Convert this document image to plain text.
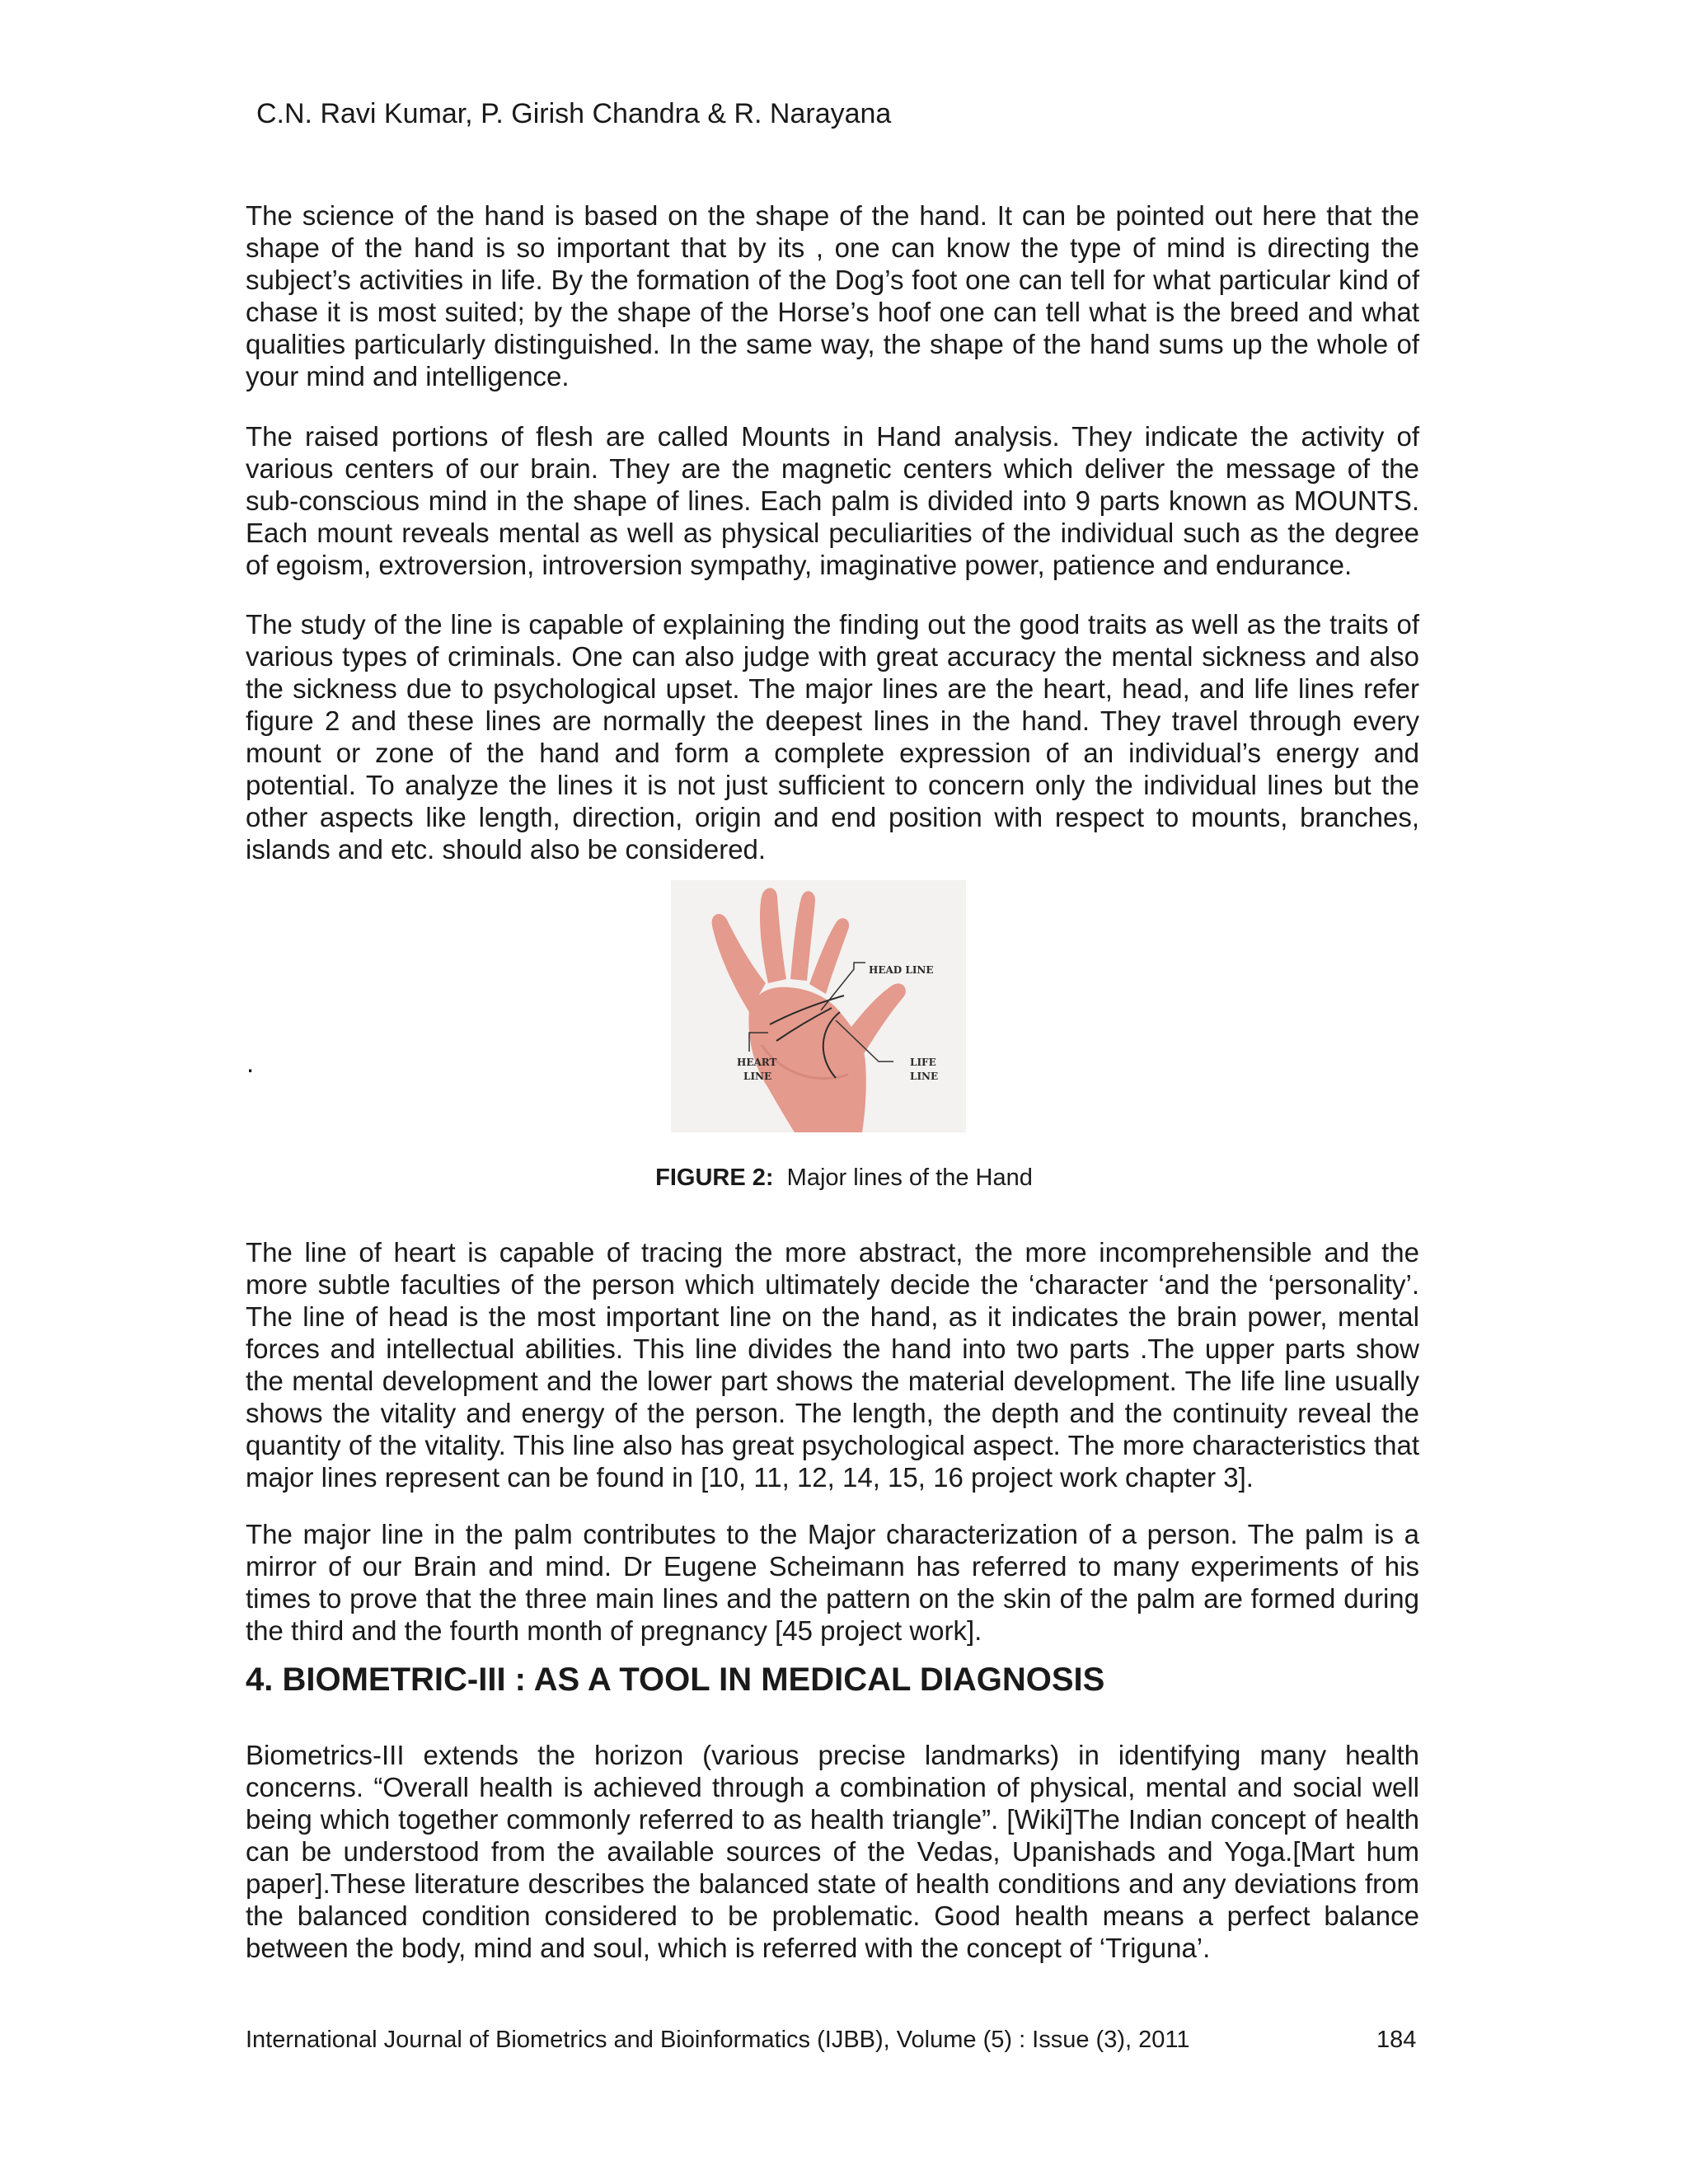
C.N. Ravi Kumar, P. Girish Chandra & R. Narayana

The science of the hand is based on the shape of the hand. It can be pointed out here that the shape of the hand is so important that by its , one can know the type of mind is directing the subject’s activities in life. By the formation of the Dog’s foot one can tell for what particular kind of chase it is most suited; by the shape of the Horse’s hoof one can tell what is the breed and what qualities particularly distinguished. In the same way, the shape of the hand sums up the whole of your mind and intelligence.

The raised portions of flesh are called Mounts in Hand analysis. They indicate the activity of various centers of our brain. They are the magnetic centers which deliver the message of the sub-conscious mind in the shape of lines. Each palm is divided into 9 parts known as MOUNTS. Each mount reveals mental as well as physical peculiarities of the individual such as the degree of egoism, extroversion, introversion sympathy, imaginative power, patience and endurance.

The study of the line is capable of explaining the finding out the good traits as well as the traits of various types of criminals. One can also judge with great accuracy the mental sickness and also the sickness due to psychological upset. The major lines are the heart, head, and life lines refer figure 2 and these lines are normally the deepest lines in the hand. They travel through every mount or zone of the hand and form a complete expression of an individual’s energy and potential. To analyze the lines it is not just sufficient to concern only the individual lines but the other aspects like length, direction, origin and end position with respect to mounts, branches, islands and etc. should also be considered.

.
HEAD LINE
HEART
LINE
LIFE
LINE

FIGURE 2: Major lines of the Hand

The line of heart is capable of tracing the more abstract, the more incomprehensible and the more subtle faculties of the person which ultimately decide the ‘character ‘and the ‘personality’. The line of head is the most important line on the hand, as it indicates the brain power, mental forces and intellectual abilities. This line divides the hand into two parts .The upper parts show the mental development and the lower part shows the material development. The life line usually shows the vitality and energy of the person. The length, the depth and the continuity reveal the quantity of the vitality. This line also has great psychological aspect. The more characteristics that major lines represent can be found in [10, 11, 12, 14, 15, 16 project work chapter 3].

The major line in the palm contributes to the Major characterization of a person. The palm is a mirror of our Brain and mind. Dr Eugene Scheimann has referred to many experiments of his times to prove that the three main lines and the pattern on the skin of the palm are formed during the third and the fourth month of pregnancy [45 project work].

4. BIOMETRIC-III : AS A TOOL IN MEDICAL DIAGNOSIS

Biometrics-III extends the horizon (various precise landmarks) in identifying many health concerns. “Overall health is achieved through a combination of physical, mental and social well being which together commonly referred to as health triangle”. [Wiki]The Indian concept of health can be understood from the available sources of the Vedas, Upanishads and Yoga.[Mart hum paper].These literature describes the balanced state of health conditions and any deviations from the balanced condition considered to be problematic. Good health means a perfect balance between the body, mind and soul, which is referred with the concept of ‘Triguna’.

International Journal of Biometrics and Bioinformatics (IJBB), Volume (5) : Issue (3), 2011	184
